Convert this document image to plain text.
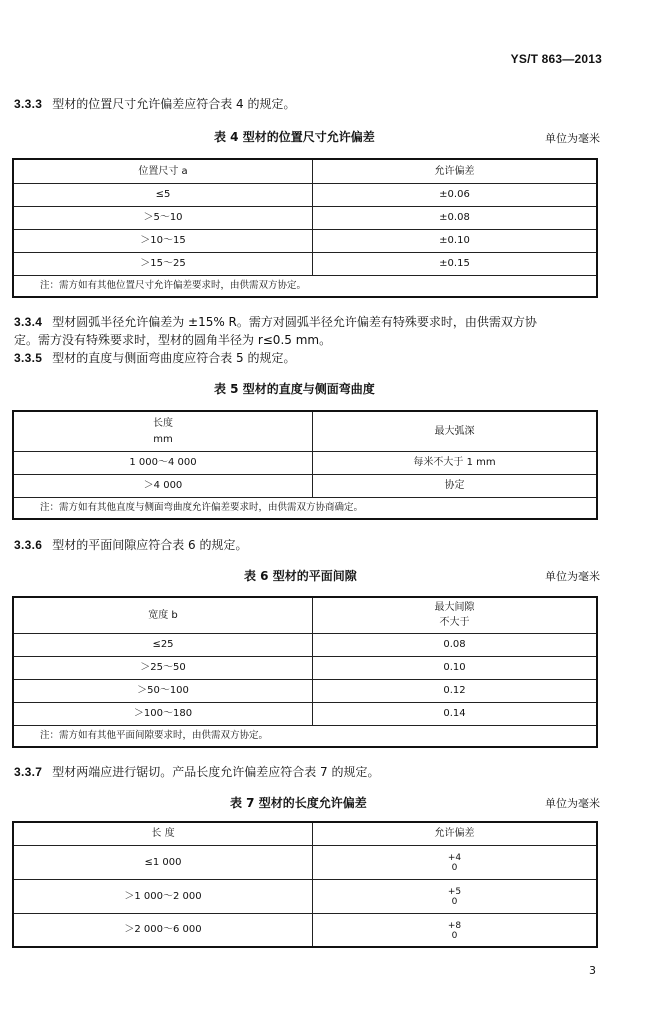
YS/T 863—2013
3.3.3 型材的位置尺寸允许偏差应符合表 4 的规定。
表 4 型材的位置尺寸允许偏差	单位为毫米
位置尺寸 a	允许偏差
≤5	±0.06
＞5～10	±0.08
＞10～15	±0.10
＞15～25	±0.15
注：需方如有其他位置尺寸允许偏差要求时，由供需双方协定。	
3.3.4 型材圆弧半径允许偏差为 ±15% R。需方对圆弧半径允许偏差有特殊要求时，由供需双方协
定。需方没有特殊要求时，型材的圆角半径为 r≤0.5 mm。
3.3.5 型材的直度与侧面弯曲度应符合表 5 的规定。
表 5 型材的直度与侧面弯曲度
长度
mm	最大弧深
1 000～4 000	每米不大于 1 mm
＞4 000	协定
注：需方如有其他直度与侧面弯曲度允许偏差要求时，由供需双方协商确定。	
3.3.6 型材的平面间隙应符合表 6 的规定。
表 6 型材的平面间隙	单位为毫米
宽度 b	最大间隙
不大于

≤25	0.08
＞25～50	0.10
＞50～100	0.12
＞100～180	0.14
注：需方如有其他平面间隙要求时，由供需双方协定。	
3.3.7 型材两端应进行锯切。产品长度允许偏差应符合表 7 的规定。
表 7 型材的长度允许偏差	单位为毫米
长 度	允许偏差
≤1 000	+4
0

＞1 000～2 000	+5
0

＞2 000～6 000	+8
0
3
